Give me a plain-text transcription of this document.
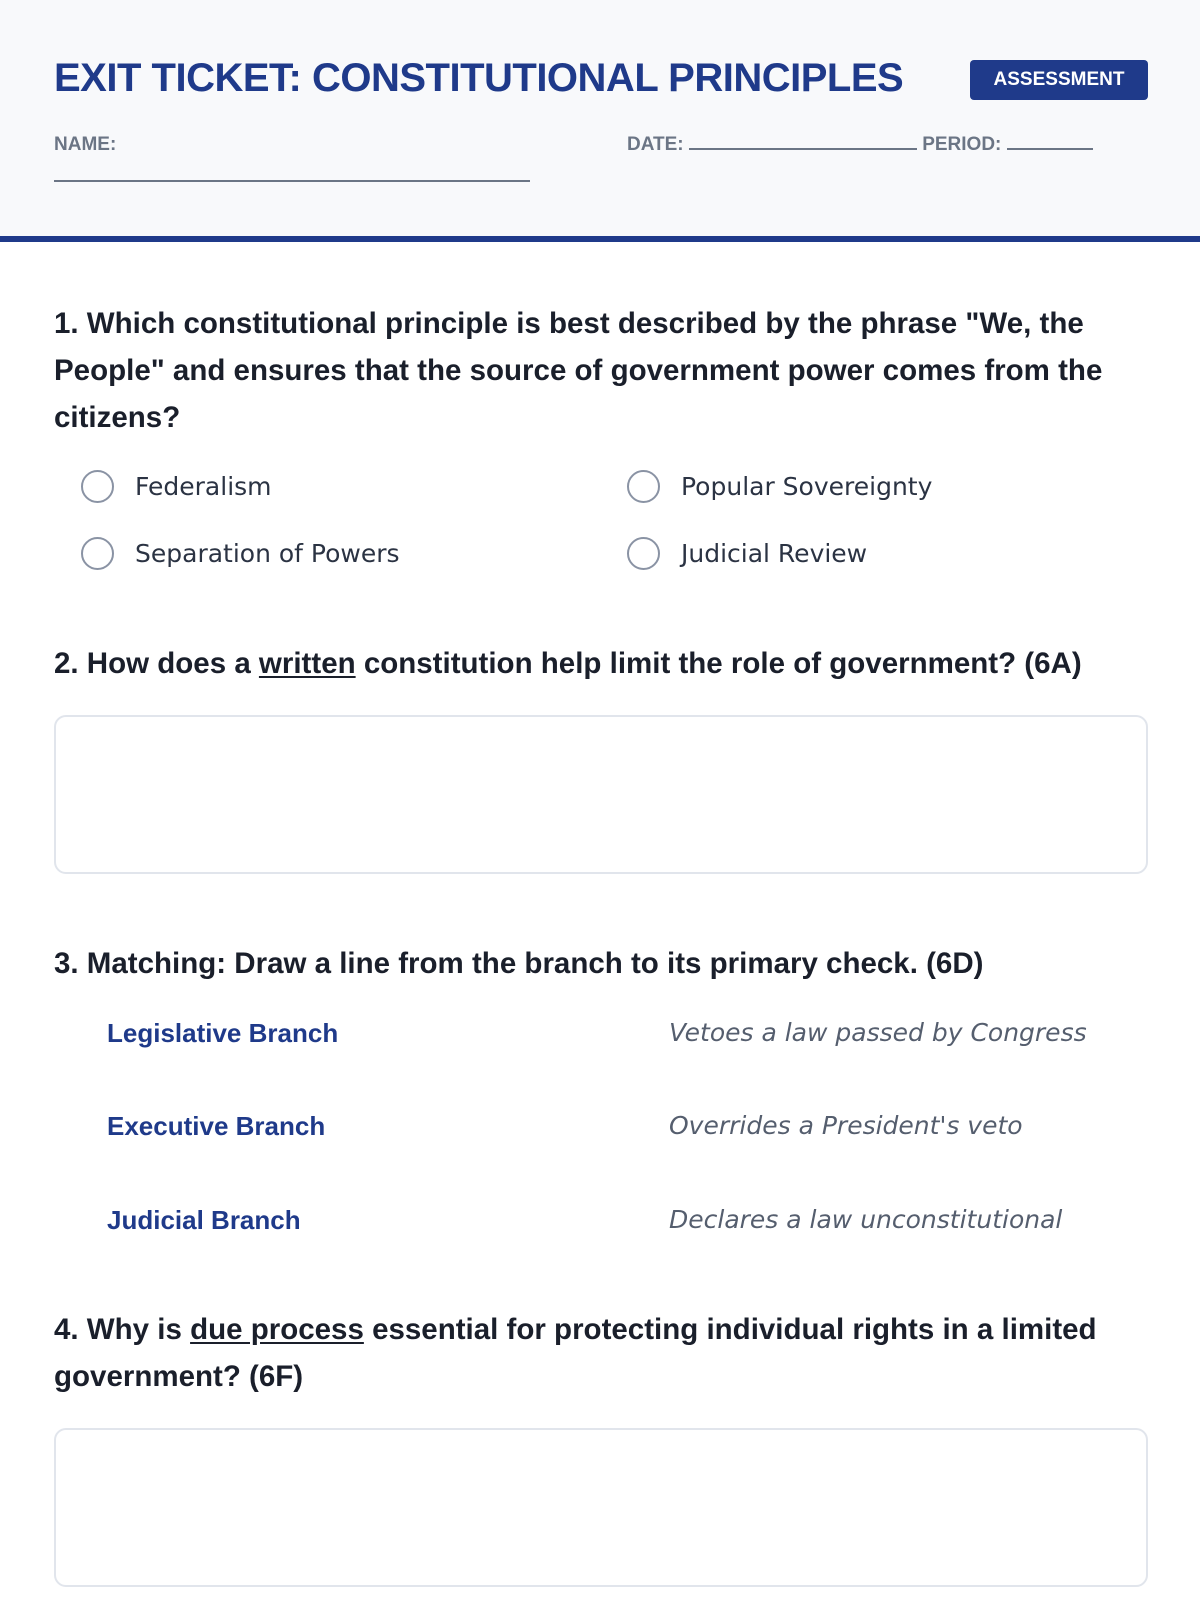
EXIT TICKET: CONSTITUTIONAL PRINCIPLES	ASSESSMENT
NAME:	DATE:	PERIOD:
1. Which constitutional principle is best described by the phrase "We, the People" and ensures that the source of government power comes from the citizens?
Federalism	Popular Sovereignty
Separation of Powers	Judicial Review
2. How does a written constitution help limit the role of government? (6A)
3. Matching: Draw a line from the branch to its primary check. (6D)
Legislative Branch	Vetoes a law passed by Congress
Executive Branch	Overrides a President's veto
Judicial Branch	Declares a law unconstitutional
4. Why is due process essential for protecting individual rights in a limited government? (6F)
